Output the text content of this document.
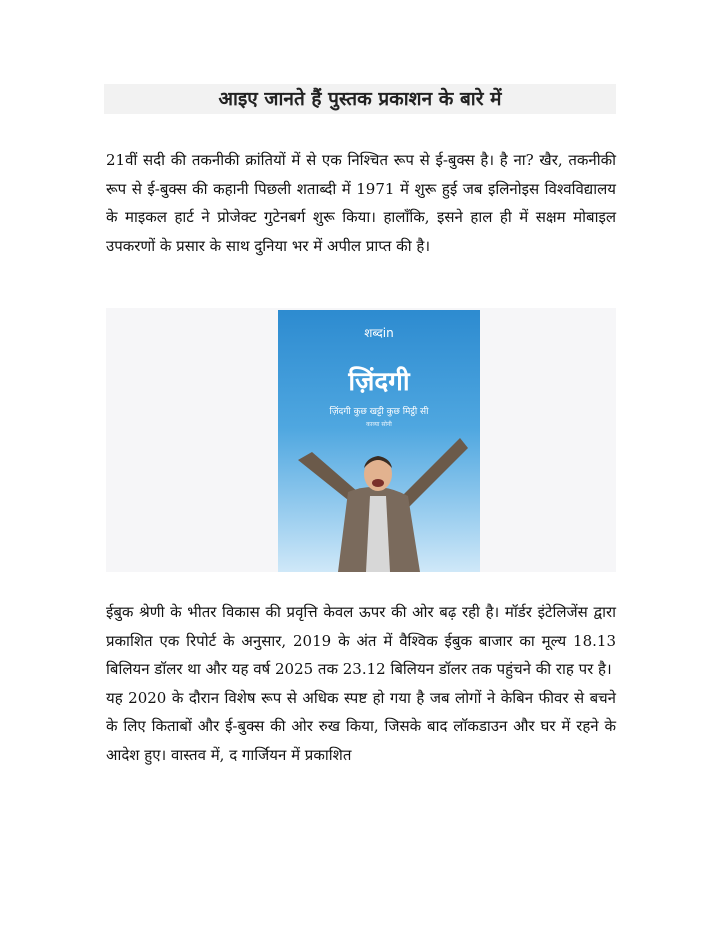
आइए जानते हैं पुस्तक प्रकाशन के बारे में
21वीं सदी की तकनीकी क्रांतियों में से एक निश्चित रूप से ई-बुक्स है। है ना? खैर, तकनीकी रूप से ई-बुक्स की कहानी पिछली शताब्दी में 1971 में शुरू हुई जब इलिनोइस विश्वविद्यालय के माइकल हार्ट ने प्रोजेक्ट गुटेनबर्ग शुरू किया। हालाँकि, इसने हाल ही में सक्षम मोबाइल उपकरणों के प्रसार के साथ दुनिया भर में अपील प्राप्त की है।
शब्दin
ज़िंदगी
ज़िंदगी कुछ खट्टी कुछ मिट्ठी सी
काव्या सोनी
ईबुक श्रेणी के भीतर विकास की प्रवृत्ति केवल ऊपर की ओर बढ़ रही है। मॉर्डर इंटेलिजेंस द्वारा प्रकाशित एक रिपोर्ट के अनुसार, 2019 के अंत में वैश्विक ईबुक बाजार का मूल्य 18.13 बिलियन डॉलर था और यह वर्ष 2025 तक 23.12 बिलियन डॉलर तक पहुंचने की राह पर है।
यह 2020 के दौरान विशेष रूप से अधिक स्पष्ट हो गया है जब लोगों ने केबिन फीवर से बचने के लिए किताबों और ई-बुक्स की ओर रुख किया, जिसके बाद लॉकडाउन और घर में रहने के आदेश हुए। वास्तव में, द गार्जियन में प्रकाशित
